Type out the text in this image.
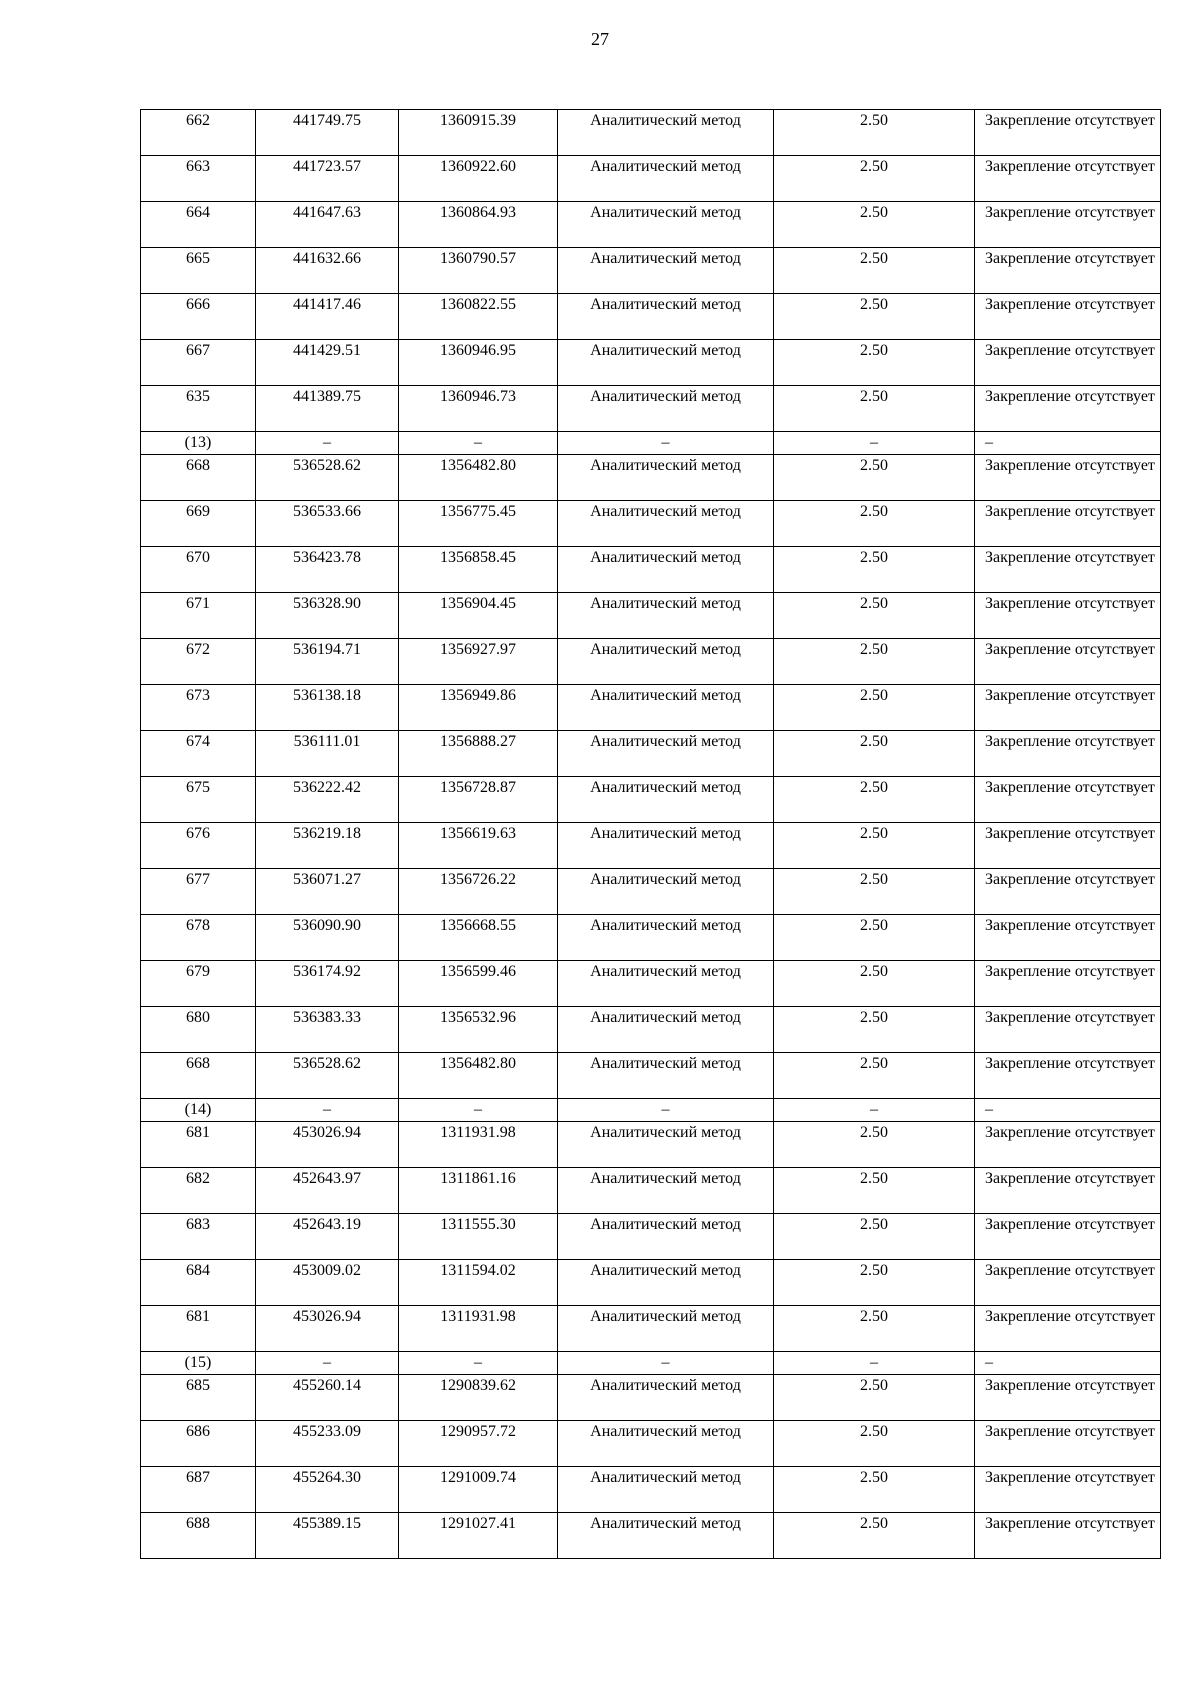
27
662	441749.75	1360915.39	Аналитический метод	2.50	Закрепление отсутствует
663	441723.57	1360922.60	Аналитический метод	2.50	Закрепление отсутствует
664	441647.63	1360864.93	Аналитический метод	2.50	Закрепление отсутствует
665	441632.66	1360790.57	Аналитический метод	2.50	Закрепление отсутствует
666	441417.46	1360822.55	Аналитический метод	2.50	Закрепление отсутствует
667	441429.51	1360946.95	Аналитический метод	2.50	Закрепление отсутствует
635	441389.75	1360946.73	Аналитический метод	2.50	Закрепление отсутствует
(13)	–	–	–	–	–
668	536528.62	1356482.80	Аналитический метод	2.50	Закрепление отсутствует
669	536533.66	1356775.45	Аналитический метод	2.50	Закрепление отсутствует
670	536423.78	1356858.45	Аналитический метод	2.50	Закрепление отсутствует
671	536328.90	1356904.45	Аналитический метод	2.50	Закрепление отсутствует
672	536194.71	1356927.97	Аналитический метод	2.50	Закрепление отсутствует
673	536138.18	1356949.86	Аналитический метод	2.50	Закрепление отсутствует
674	536111.01	1356888.27	Аналитический метод	2.50	Закрепление отсутствует
675	536222.42	1356728.87	Аналитический метод	2.50	Закрепление отсутствует
676	536219.18	1356619.63	Аналитический метод	2.50	Закрепление отсутствует
677	536071.27	1356726.22	Аналитический метод	2.50	Закрепление отсутствует
678	536090.90	1356668.55	Аналитический метод	2.50	Закрепление отсутствует
679	536174.92	1356599.46	Аналитический метод	2.50	Закрепление отсутствует
680	536383.33	1356532.96	Аналитический метод	2.50	Закрепление отсутствует
668	536528.62	1356482.80	Аналитический метод	2.50	Закрепление отсутствует
(14)	–	–	–	–	–
681	453026.94	1311931.98	Аналитический метод	2.50	Закрепление отсутствует
682	452643.97	1311861.16	Аналитический метод	2.50	Закрепление отсутствует
683	452643.19	1311555.30	Аналитический метод	2.50	Закрепление отсутствует
684	453009.02	1311594.02	Аналитический метод	2.50	Закрепление отсутствует
681	453026.94	1311931.98	Аналитический метод	2.50	Закрепление отсутствует
(15)	–	–	–	–	–
685	455260.14	1290839.62	Аналитический метод	2.50	Закрепление отсутствует
686	455233.09	1290957.72	Аналитический метод	2.50	Закрепление отсутствует
687	455264.30	1291009.74	Аналитический метод	2.50	Закрепление отсутствует
688	455389.15	1291027.41	Аналитический метод	2.50	Закрепление отсутствует
